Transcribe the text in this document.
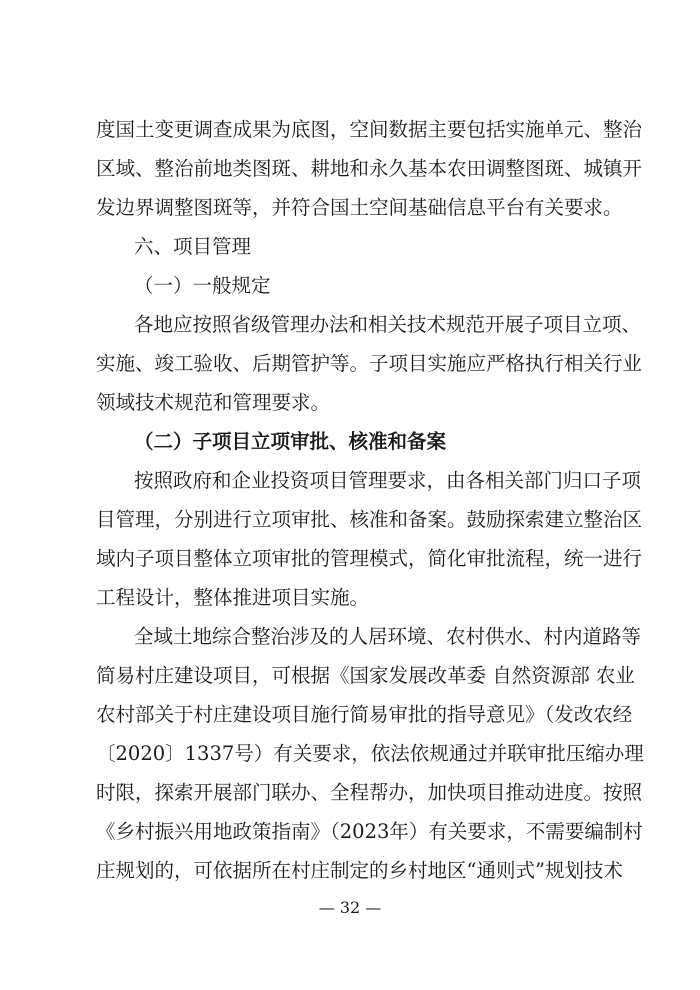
度国土变更调查成果为底图，空间数据主要包括实施单元、整治
区域、整治前地类图斑、耕地和永久基本农田调整图斑、城镇开
发边界调整图斑等，并符合国土空间基础信息平台有关要求。
六、项目管理
（一）一般规定
各地应按照省级管理办法和相关技术规范开展子项目立项、
实施、竣工验收、后期管护等。子项目实施应严格执行相关行业
领域技术规范和管理要求。
（二）子项目立项审批、核准和备案
按照政府和企业投资项目管理要求，由各相关部门归口子项
目管理，分别进行立项审批、核准和备案。鼓励探索建立整治区
域内子项目整体立项审批的管理模式，简化审批流程，统一进行
工程设计，整体推进项目实施。
全域土地综合整治涉及的人居环境、农村供水、村内道路等
简易村庄建设项目，可根据《国家发展改革委 自然资源部 农业
农村部关于村庄建设项目施行简易审批的指导意见》（发改农经
〔2020〕1337号）有关要求，依法依规通过并联审批压缩办理
时限，探索开展部门联办、全程帮办，加快项目推动进度。按照
《乡村振兴用地政策指南》（2023年）有关要求，不需要编制村
庄规划的，可依据所在村庄制定的乡村地区“通则式”规划技术
— 32 —
